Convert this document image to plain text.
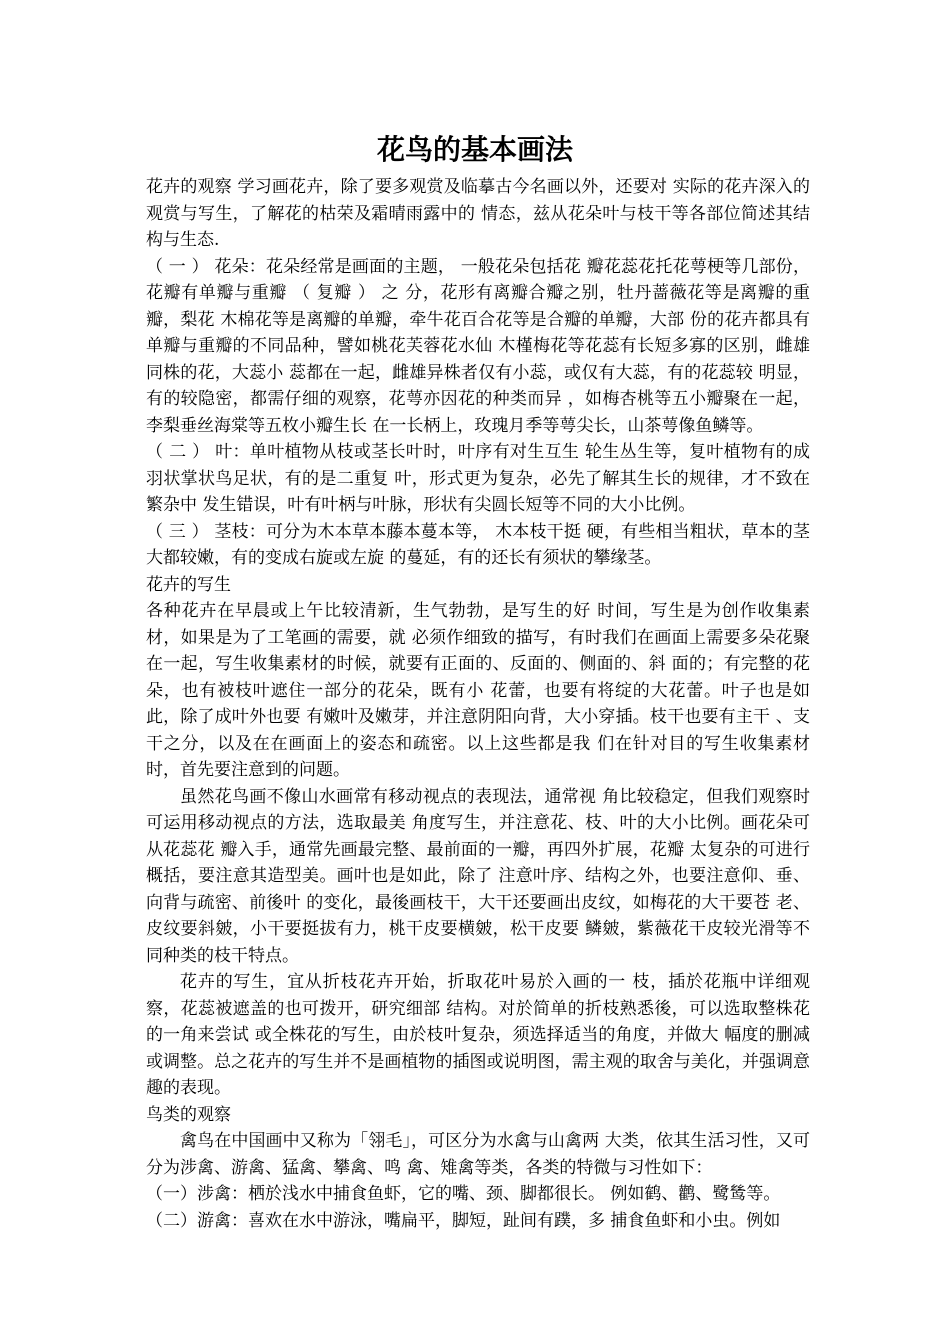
花鸟的基本画法

花卉的观察 学习画花卉，除了要多观赏及临摹古今名画以外，还要对 实际的花卉深入的观赏与写生，了解花的枯荣及霜晴雨露中的 情态，兹从花朵叶与枝干等各部位简述其结构与生态.

（ 一 ） 花朵：花朵经常是画面的主题， 一般花朵包括花 瓣花蕊花托花萼梗等几部份，花瓣有单瓣与重瓣 （ 复瓣 ） 之 分，花形有离瓣合瓣之别，牡丹蔷薇花等是离瓣的重瓣，梨花 木棉花等是离瓣的单瓣，牵牛花百合花等是合瓣的单瓣，大部 份的花卉都具有单瓣与重瓣的不同品种，譬如桃花芙蓉花水仙 木槿梅花等花蕊有长短多寡的区别，雌雄同株的花，大蕊小 蕊都在一起，雌雄异株者仅有小蕊，或仅有大蕊，有的花蕊较 明显，有的较隐密，都需仔细的观察，花萼亦因花的种类而异 ，如梅杏桃等五小瓣聚在一起，李梨垂丝海棠等五枚小瓣生长 在一长柄上，玫瑰月季等萼尖长，山茶萼像鱼鳞等。

（ 二 ） 叶：单叶植物从枝或茎长叶时，叶序有对生互生 轮生丛生等，复叶植物有的成羽状掌状鸟足状，有的是二重复 叶，形式更为复杂，必先了解其生长的规律，才不致在繁杂中 发生错误，叶有叶柄与叶脉，形状有尖圆长短等不同的大小比例。

（ 三 ） 茎枝：可分为木本草本藤本蔓本等， 木本枝干挺 硬，有些相当粗状，草本的茎大都较嫩，有的变成右旋或左旋 的蔓延，有的还长有须状的攀缘茎。

花卉的写生

各种花卉在早晨或上午比较清新，生气勃勃，是写生的好 时间，写生是为创作收集素材，如果是为了工笔画的需要，就 必须作细致的描写，有时我们在画面上需要多朵花聚在一起，写生收集素材的时候，就要有正面的、反面的、侧面的、斜 面的；有完整的花朵，也有被枝叶遮住一部分的花朵，既有小 花蕾，也要有将绽的大花蕾。叶子也是如此，除了成叶外也要 有嫩叶及嫩芽，并注意阴阳向背，大小穿插。枝干也要有主干 、支干之分，以及在在画面上的姿态和疏密。以上这些都是我 们在针对目的写生收集素材时，首先要注意到的问题。

虽然花鸟画不像山水画常有移动视点的表现法，通常视 角比较稳定，但我们观察时可运用移动视点的方法，选取最美 角度写生，并注意花、枝、叶的大小比例。画花朵可从花蕊花 瓣入手，通常先画最完整、最前面的一瓣，再四外扩展，花瓣 太复杂的可进行概括，要注意其造型美。画叶也是如此，除了 注意叶序、结构之外，也要注意仰、垂、向背与疏密、前後叶 的变化，最後画枝干，大干还要画出皮纹，如梅花的大干要苍 老、皮纹要斜皴，小干要挺拔有力，桃干皮要横皴，松干皮要 鳞皴，紫薇花干皮较光滑等不同种类的枝干特点。

花卉的写生，宜从折枝花卉开始，折取花叶易於入画的一 枝，插於花瓶中详细观察，花蕊被遮盖的也可拨开，研究细部 结构。对於简单的折枝熟悉後，可以选取整株花的一角来尝试 或全株花的写生，由於枝叶复杂，须选择适当的角度，并做大 幅度的删减或调整。总之花卉的写生并不是画植物的插图或说明图，需主观的取舍与美化，并强调意趣的表现。

鸟类的观察

禽鸟在中国画中又称为「翎毛」，可区分为水禽与山禽两 大类，依其生活习性，又可分为涉禽、游禽、猛禽、攀禽、鸣 禽、雉禽等类，各类的特微与习性如下：

（一）涉禽：栖於浅水中捕食鱼虾，它的嘴、颈、脚都很长。 例如鹤、鹳、鹭鸶等。

（二）游禽：喜欢在水中游泳，嘴扁平，脚短，趾间有蹼，多 捕食鱼虾和小虫。例如
